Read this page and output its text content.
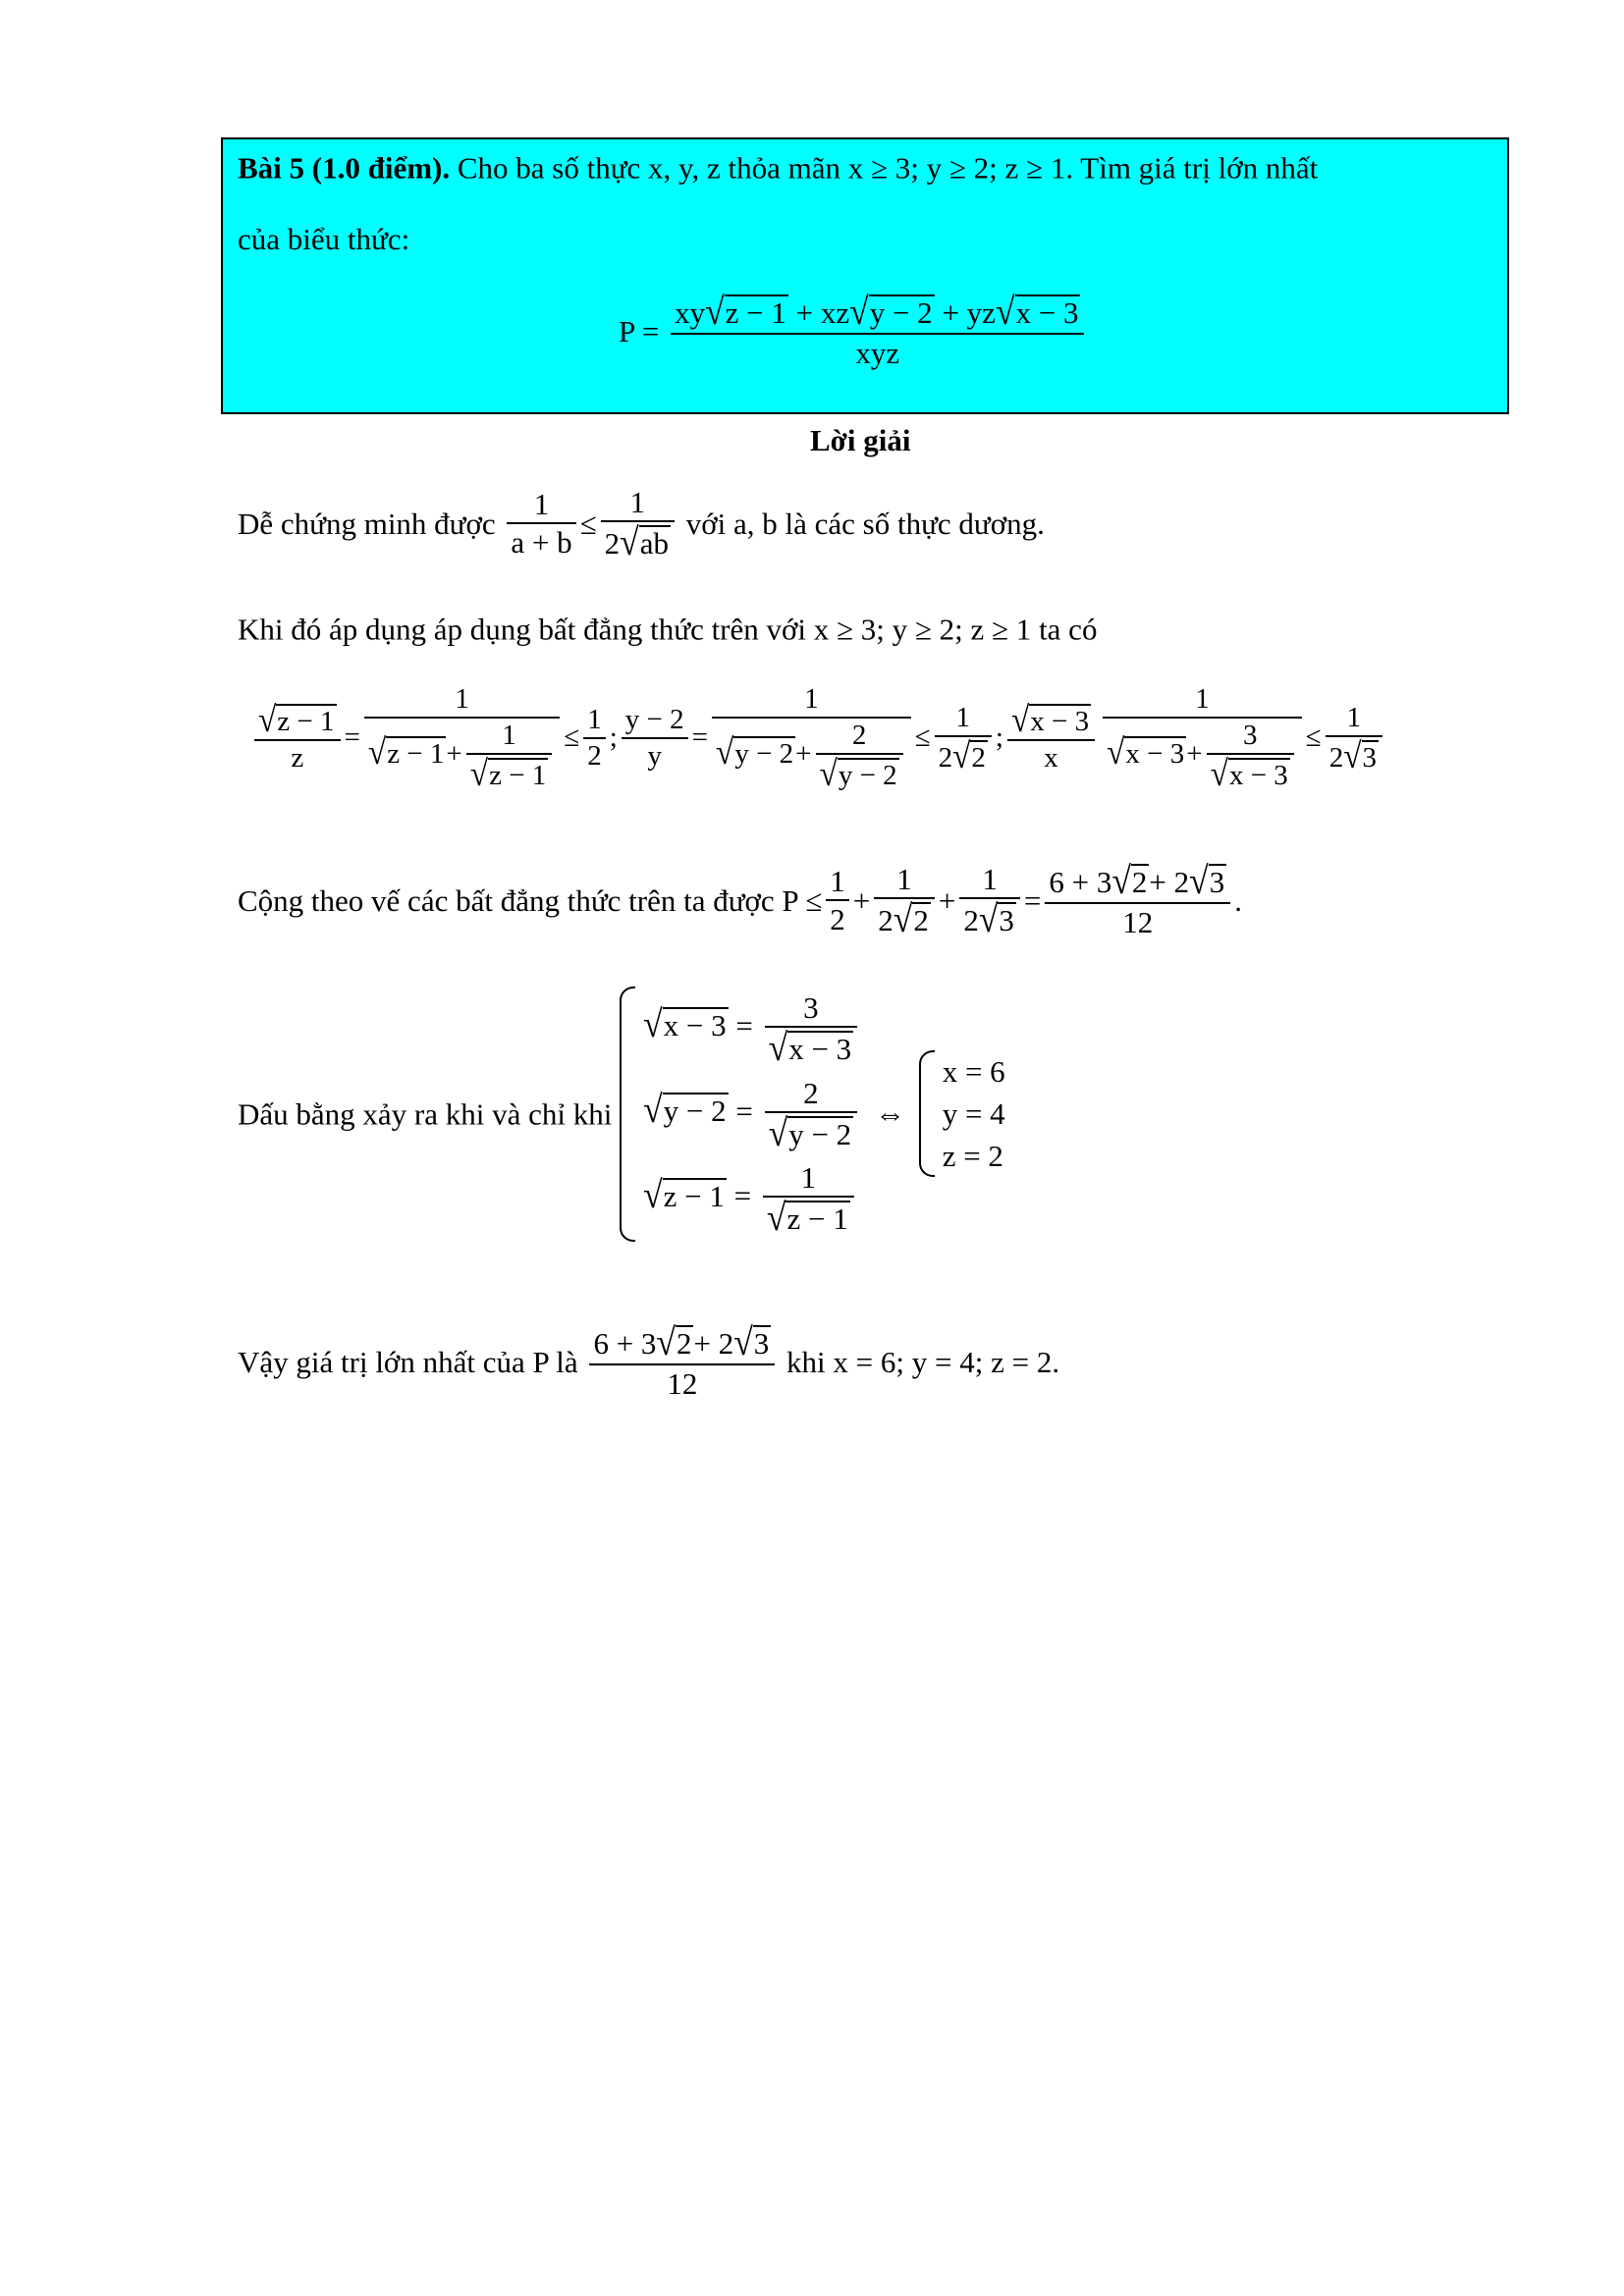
Bài 5 (1.0 điểm). Cho ba số thực x, y, z thỏa mãn x ≥ 3; y ≥ 2; z ≥ 1. Tìm giá trị lớn nhất
của biểu thức:
$P = \frac{xy √ z - 1 + xz √ y - 2 + yz √ x - 3}{\text{xyz}}$
Lời giải
Dễ chứng minh được $\frac{1}{a + b} \le \frac{1}{2 √ ab}$ với a, b là các số thực dương.
Khi đó áp dụng áp dụng bất đẳng thức trên với x ≥ 3; y ≥ 2; z ≥ 1 ta có
$\frac{√ z - 1}{z} = \frac{1}{√ z - 1 + \frac{1}{√ z - 1}} \le \frac{1}{2}$ ; $\frac{y - 2}{y} = \frac{1}{√ y - 2 + \frac{2}{√ y - 2}} \le \frac{1}{2 √ 2}$ ; $\frac{√ x - 3}{x} \frac{1}{√ x - 3 + \frac{3}{√ x - 3}} \le \frac{1}{2 √ 3}$
Cộng theo vế các bất đẳng thức trên ta được $P \le \frac{1}{2} + \frac{1}{2 √ 2} + \frac{1}{2 √ 3} = \frac{6 + 3 √ 2 + 2 √ 3}{12}$ .
Dấu bằng xảy ra khi và chỉ khi
√ $x - 3 = \frac{3}{√ x - 3}$
√ $y - 2 = \frac{2}{√ y - 2}$
√ $z - 1 = \frac{1}{√ z - 1}$
⇔
x = 6
y = 4
z = 2
Vậy giá trị lớn nhất của P là $\frac{6 + 3 √ 2 + 2 √ 3}{12}$ khi x = 6; y = 4; z = 2.
